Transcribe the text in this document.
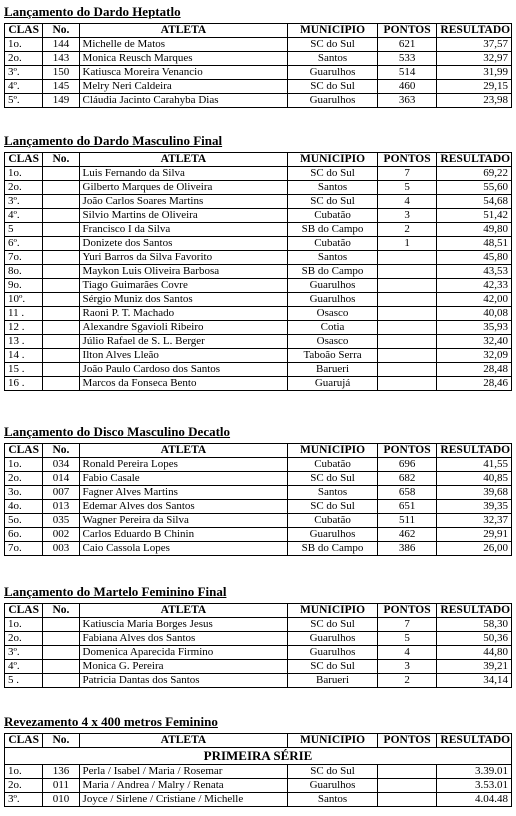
Lançamento do Dardo Heptatlo
CLAS	No.	ATLETA	MUNICIPIO	PONTOS	RESULTADO
1o.	144	Michelle de Matos	SC do Sul	621	37,57
2o.	143	Monica Reusch Marques	Santos	533	32,97
3º.	150	Katiusca Moreira Venancio	Guarulhos	514	31,99
4º.	145	Melry Neri Caldeira	SC do Sul	460	29,15
5º.	149	Cláudia Jacinto Carahyba Dias	Guarulhos	363	23,98
Lançamento do Dardo Masculino Final
CLAS	No.	ATLETA	MUNICIPIO	PONTOS	RESULTADO
1o.		Luis Fernando da Silva	SC do Sul	7	69,22
2o.		Gilberto Marques de Oliveira	Santos	5	55,60
3º.		João Carlos Soares Martins	SC do Sul	4	54,68
4º.		Silvio Martins de Oliveira	Cubatão	3	51,42
5		Francisco I da Silva	SB do Campo	2	49,80
6º.		Donizete dos Santos	Cubatão	1	48,51
7o.		Yuri Barros da Silva Favorito	Santos		45,80
8o.		Maykon Luis Oliveira Barbosa	SB do Campo		43,53
9o.		Tiago Guimarães Covre	Guarulhos		42,33
10º.		Sérgio Muniz dos Santos	Guarulhos		42,00
11 .		Raoni P. T. Machado	Osasco		40,08
12 .		Alexandre Sgavioli Ribeiro	Cotia		35,93
13 .		Júlio Rafael de S. L. Berger	Osasco		32,40
14 .		Ilton Alves Lleão	Taboão Serra		32,09
15 .		João Paulo Cardoso dos Santos	Barueri		28,48
16 .		Marcos da Fonseca Bento	Guarujá		28,46
Lançamento do Disco Masculino Decatlo
CLAS	No.	ATLETA	MUNICIPIO	PONTOS	RESULTADO
1o.	034	Ronald Pereira Lopes	Cubatão	696	41,55
2o.	014	Fabio Casale	SC do Sul	682	40,85
3o.	007	Fagner Alves Martins	Santos	658	39,68
4o.	013	Edemar Alves dos Santos	SC do Sul	651	39,35
5o.	035	Wagner Pereira da Silva	Cubatão	511	32,37
6o.	002	Carlos Eduardo B Chinin	Guarulhos	462	29,91
7o.	003	Caio Cassola Lopes	SB do Campo	386	26,00
Lançamento do Martelo Feminino Final
CLAS	No.	ATLETA	MUNICIPIO	PONTOS	RESULTADO
1o.		Katiuscia Maria Borges Jesus	SC do Sul	7	58,30
2o.		Fabiana Alves dos Santos	Guarulhos	5	50,36
3º.		Domenica Aparecida Firmino	Guarulhos	4	44,80
4º.		Monica G. Pereira	SC do Sul	3	39,21
5 .		Patricia Dantas dos Santos	Barueri	2	34,14
Revezamento 4 x 400 metros Feminino
CLAS	No.	ATLETA	MUNICIPIO	PONTOS	RESULTADO
PRIMEIRA SÉRIE					
1o.	136	Perla / Isabel / Maria / Rosemar	SC do Sul		3.39.01
2o.	011	Maria / Andrea / Malry / Renata	Guarulhos		3.53.01
3º.	010	Joyce / Sirlene / Cristiane / Michelle	Santos		4.04.48
